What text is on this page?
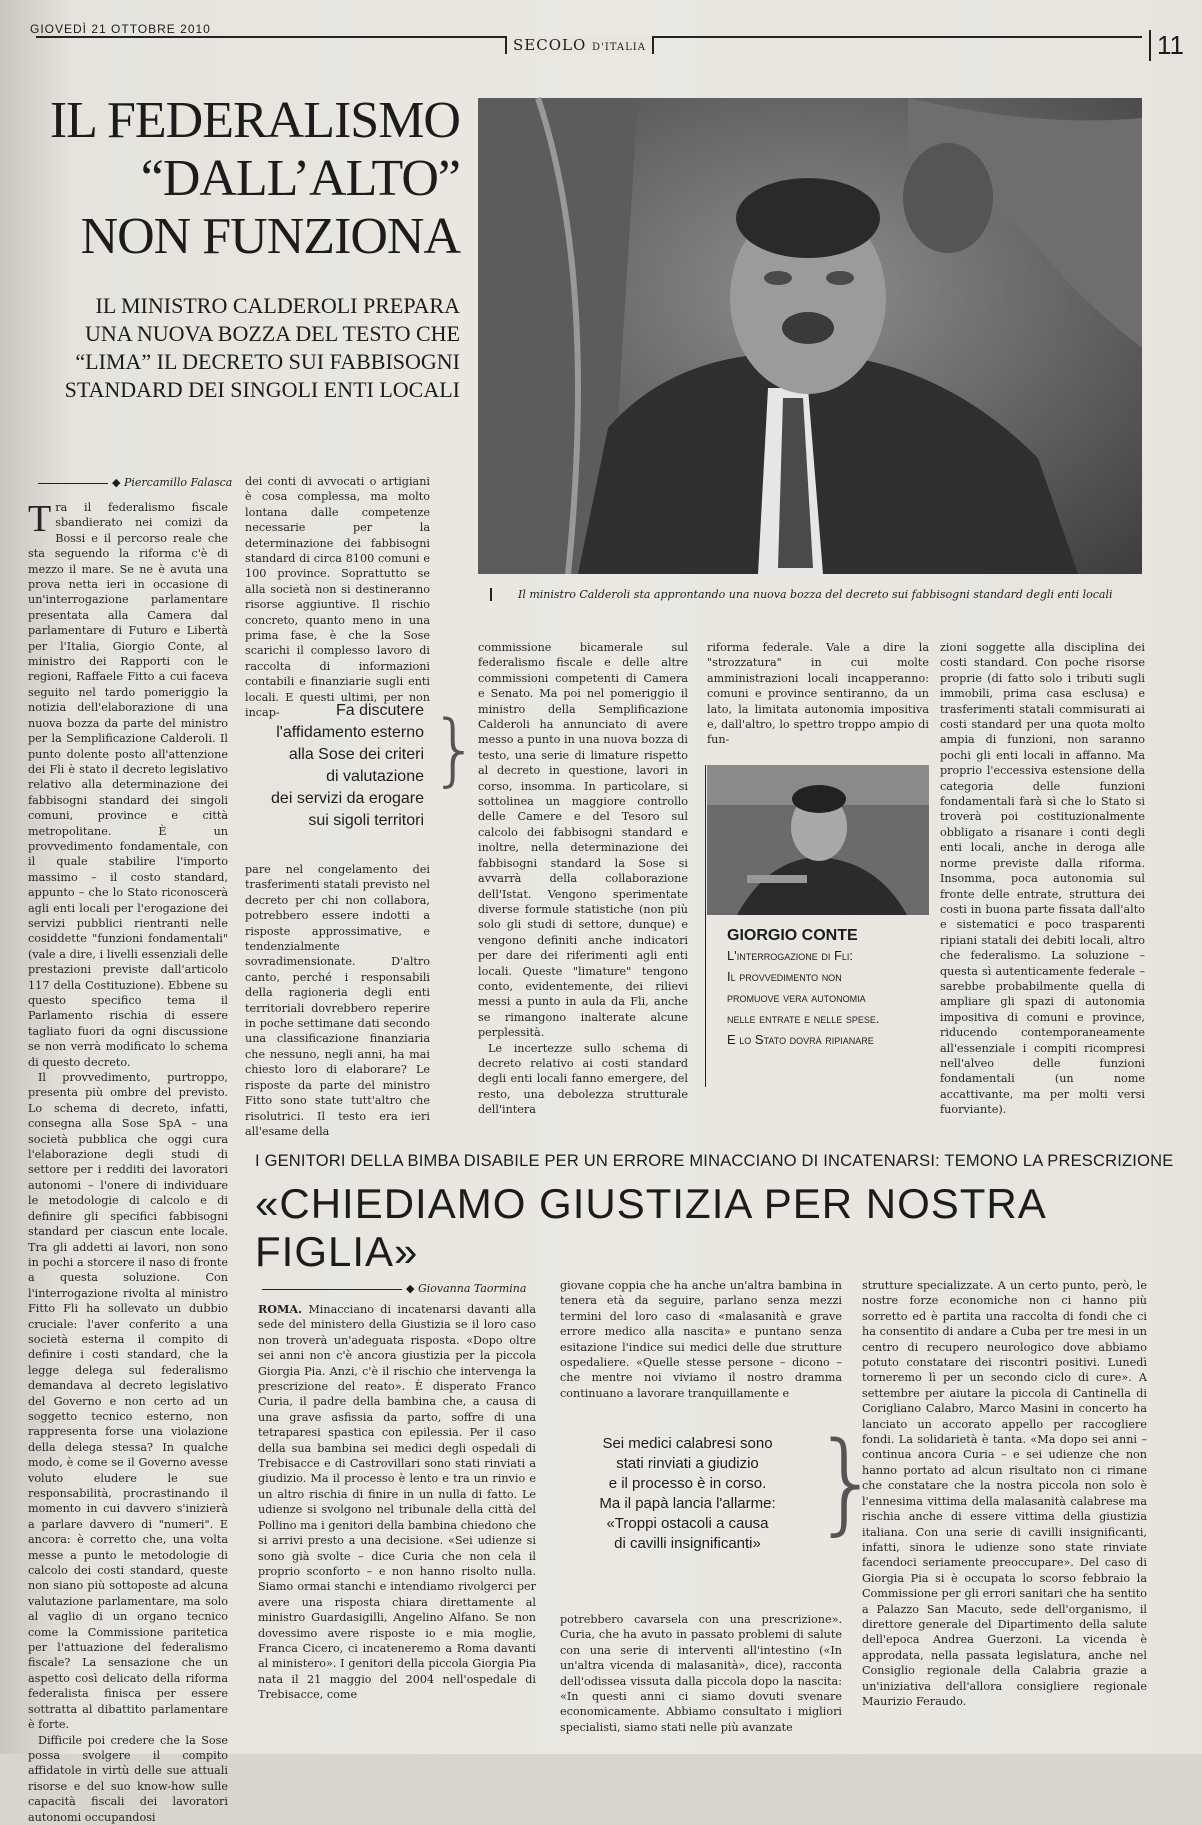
GIOVEDÌ 21 OTTOBRE 2010
SECOLO D'ITALIA	11
IL FEDERALISMO
“DALL’ALTO”
NON FUNZIONA
IL MINISTRO CALDEROLI PREPARA
UNA NUOVA BOZZA DEL TESTO CHE
“LIMA” IL DECRETO SUI FABBISOGNI
STANDARD DEI SINGOLI ENTI LOCALI
Il ministro Calderoli sta approntando una nuova bozza del decreto sui fabbisogni standard degli enti locali
◆ Piercamillo Falasca

Tra il federalismo fiscale sbandierato nei comizi da Bossi e il percorso reale che sta seguendo la riforma c'è di mezzo il mare. Se ne è avuta una prova netta ieri in occasione di un'interrogazione parlamentare presentata alla Camera dal parlamentare di Futuro e Libertà per l'Italia, Giorgio Conte, al ministro dei Rapporti con le regioni, Raffaele Fitto a cui faceva seguito nel tardo pomeriggio la notizia dell'elaborazione di una nuova bozza da parte del ministro per la Semplificazione Calderoli. Il punto dolente posto all'attenzione dei Fli è stato il decreto legislativo relativo alla determinazione dei fabbisogni standard dei singoli comuni, province e città metropolitane. È un provvedimento fondamentale, con il quale stabilire l'importo massimo – il costo standard, appunto – che lo Stato riconoscerà agli enti locali per l'erogazione dei servizi pubblici rientranti nelle cosiddette "funzioni fondamentali" (vale a dire, i livelli essenziali delle prestazioni previste dall'articolo 117 della Costituzione). Ebbene su questo specifico tema il Parlamento rischia di essere tagliato fuori da ogni discussione se non verrà modificato lo schema di questo decreto.

Il provvedimento, purtroppo, presenta più ombre del previsto. Lo schema di decreto, infatti, consegna alla Sose SpA – una società pubblica che oggi cura l'elaborazione degli studi di settore per i redditi dei lavoratori autonomi – l'onere di individuare le metodologie di calcolo e di definire gli specifici fabbisogni standard per ciascun ente locale. Tra gli addetti ai lavori, non sono in pochi a storcere il naso di fronte a questa soluzione. Con l'interrogazione rivolta al ministro Fitto Fli ha sollevato un dubbio cruciale: l'aver conferito a una società esterna il compito di definire i costi standard, che la legge delega sul federalismo demandava al decreto legislativo del Governo e non certo ad un soggetto tecnico esterno, non rappresenta forse una violazione della delega stessa? In qualche modo, è come se il Governo avesse voluto eludere le sue responsabilità, procrastinando il momento in cui davvero s'inizierà a parlare davvero di "numeri". E ancora: è corretto che, una volta messe a punto le metodologie di calcolo dei costi standard, queste non siano più sottoposte ad alcuna valutazione parlamentare, ma solo al vaglio di un organo tecnico come la Commissione paritetica per l'attuazione del federalismo fiscale? La sensazione che un aspetto così delicato della riforma federalista finisca per essere sottratta al dibattito parlamentare è forte.

Difficile poi credere che la Sose possa svolgere il compito affidatole in virtù delle sue attuali risorse e del suo know-how sulle capacità fiscali dei lavoratori autonomi occupandosi

dei conti di avvocati o artigiani è cosa complessa, ma molto lontana dalle competenze necessarie per la determinazione dei fabbisogni standard di circa 8100 comuni e 100 province. Soprattutto se alla società non si destineranno risorse aggiuntive. Il rischio concreto, quanto meno in una prima fase, è che la Sose scarichi il complesso lavoro di raccolta di informazioni contabili e finanziarie sugli enti locali. E questi ultimi, per non incap-	Fa discutere
l'affidamento esterno
alla Sose dei criteri
di valutazione
dei servizi da erogare
sui sigoli territori
}

pare nel congelamento dei trasferimenti statali previsto nel decreto per chi non collabora, potrebbero essere indotti a risposte approssimative, e tendenzialmente sovradimensionate. D'altro canto, perché i responsabili della ragioneria degli enti territoriali dovrebbero reperire in poche settimane dati secondo una classificazione finanziaria che nessuno, negli anni, ha mai chiesto loro di elaborare? Le risposte da parte del ministro Fitto sono state tutt'altro che risolutrici. Il testo era ieri all'esame della

commissione bicamerale sul federalismo fiscale e delle altre commissioni competenti di Camera e Senato. Ma poi nel pomeriggio il ministro della Semplificazione Calderoli ha annunciato di avere messo a punto in una nuova bozza di testo, una serie di limature rispetto al decreto in questione, lavori in corso, insomma. In particolare, si sottolinea un maggiore controllo delle Camere e del Tesoro sul calcolo dei fabbisogni standard e inoltre, nella determinazione dei fabbisogni standard la Sose si avvarrà della collaborazione dell'Istat. Vengono sperimentate diverse formule statistiche (non più solo gli studi di settore, dunque) e vengono definiti anche indicatori per dare dei riferimenti agli enti locali. Queste "limature" tengono conto, evidentemente, dei rilievi messi a punto in aula da Fli, anche se rimangono inalterate alcune perplessità.

Le incertezze sullo schema di decreto relativo ai costi standard degli enti locali fanno emergere, del resto, una debolezza strutturale dell'intera

riforma federale. Vale a dire la "strozzatura" in cui molte amministrazioni locali incapperanno: comuni e province sentiranno, da un lato, la limitata autonomia impositiva e, dall'altro, lo spettro troppo ampio di fun-

GIORGIO CONTE
L'interrogazione di Fli:
Il provvedimento non
promuove vera autonomia
nelle entrate e nelle spese.
E lo Stato dovrà ripianare

zioni soggette alla disciplina dei costi standard. Con poche risorse proprie (di fatto solo i tributi sugli immobili, prima casa esclusa) e trasferimenti statali commisurati ai costi standard per una quota molto ampia di funzioni, non saranno pochi gli enti locali in affanno. Ma proprio l'eccessiva estensione della categoria delle funzioni fondamentali farà sì che lo Stato si troverà poi costituzionalmente obbligato a risanare i conti degli enti locali, anche in deroga alle norme previste dalla riforma. Insomma, poca autonomia sul fronte delle entrate, struttura dei costi in buona parte fissata dall'alto e sistematici e poco trasparenti ripiani statali dei debiti locali, altro che federalismo. La soluzione – questa sì autenticamente federale – sarebbe probabilmente quella di ampliare gli spazi di autonomia impositiva di comuni e province, riducendo contemporaneamente all'essenziale i compiti ricompresi nell'alveo delle funzioni fondamentali (un nome accattivante, ma per molti versi fuorviante).

I GENITORI DELLA BIMBA DISABILE PER UN ERRORE MINACCIANO DI INCATENARSI: TEMONO LA PRESCRIZIONE
«CHIEDIAMO GIUSTIZIA PER NOSTRA FIGLIA»
◆ Giovanna Taormina

ROMA. Minacciano di incatenarsi davanti alla sede del ministero della Giustizia se il loro caso non troverà un'adeguata risposta. «Dopo oltre sei anni non c'è ancora giustizia per la piccola Giorgia Pia. Anzi, c'è il rischio che intervenga la prescrizione del reato». È disperato Franco Curia, il padre della bambina che, a causa di una grave asfissia da parto, soffre di una tetraparesi spastica con epilessia. Per il caso della sua bambina sei medici degli ospedali di Trebisacce e di Castrovillari sono stati rinviati a giudizio. Ma il processo è lento e tra un rinvio e un altro rischia di finire in un nulla di fatto. Le udienze si svolgono nel tribunale della città del Pollino ma i genitori della bambina chiedono che si arrivi presto a una decisione. «Sei udienze si sono già svolte – dice Curia che non cela il proprio sconforto – e non hanno risolto nulla. Siamo ormai stanchi e intendiamo rivolgerci per avere una risposta chiara direttamente al ministro Guardasigilli, Angelino Alfano. Se non dovessimo avere risposte io e mia moglie, Franca Cicero, ci incateneremo a Roma davanti al ministero». I genitori della piccola Giorgia Pia nata il 21 maggio del 2004 nell'ospedale di Trebisacce, come

giovane coppia che ha anche un'altra bambina in tenera età da seguire, parlano senza mezzi termini del loro caso di «malasanità e grave errore medico alla nascita» e puntano senza esitazione l'indice sui medici delle due strutture ospedaliere. «Quelle stesse persone – dicono – che mentre noi viviamo il nostro dramma continuano a lavorare tranquillamente e

Sei medici calabresi sono
stati rinviati a giudizio
e il processo è in corso.
Ma il papà lancia l'allarme:
«Troppi ostacoli a causa
di cavilli insignificanti» }

potrebbero cavarsela con una prescrizione». Curia, che ha avuto in passato problemi di salute con una serie di interventi all'intestino («In un'altra vicenda di malasanità», dice), racconta dell'odissea vissuta dalla piccola dopo la nascita: «In questi anni ci siamo dovuti svenare economicamente. Abbiamo consultato i migliori specialisti, siamo stati nelle più avanzate

strutture specializzate. A un certo punto, però, le nostre forze economiche non ci hanno più sorretto ed è partita una raccolta di fondi che ci ha consentito di andare a Cuba per tre mesi in un centro di recupero neurologico dove abbiamo potuto constatare dei riscontri positivi. Lunedì torneremo lì per un secondo ciclo di cure». A settembre per aiutare la piccola di Cantinella di Corigliano Calabro, Marco Masini in concerto ha lanciato un accorato appello per raccogliere fondi. La solidarietà è tanta. «Ma dopo sei anni – continua ancora Curia – e sei udienze che non hanno portato ad alcun risultato non ci rimane che constatare che la nostra piccola non solo è l'ennesima vittima della malasanità calabrese ma rischia anche di essere vittima della giustizia italiana. Con una serie di cavilli insignificanti, infatti, sinora le udienze sono state rinviate facendoci seriamente preoccupare». Del caso di Giorgia Pia si è occupata lo scorso febbraio la Commissione per gli errori sanitari che ha sentito a Palazzo San Macuto, sede dell'organismo, il direttore generale del Dipartimento della salute dell'epoca Andrea Guerzoni. La vicenda è approdata, nella passata legislatura, anche nel Consiglio regionale della Calabria grazie a un'iniziativa dell'allora consigliere regionale Maurizio Feraudo.
